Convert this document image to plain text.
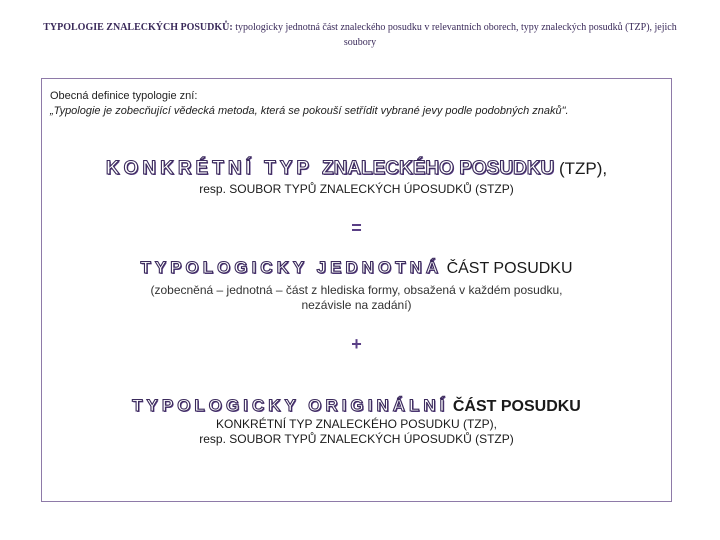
TYPOLOGIE ZNALECKÝCH POSUDKŮ: typologicky jednotná část znaleckého posudku v relevantních oborech, typy znaleckých posudků (TZP), jejich soubory
Obecná definice typologie zní:
„Typologie je zobecňující vědecká metoda, která se pokouší setřídit vybrané jevy podle podobných znaků".
KONKRÉTNÍ TYP ZNALECKÉHO POSUDKU (TZP),
resp. SOUBOR TYPŮ ZNALECKÝCH ÚPOSUDKŮ (STZP)
=
TYPOLOGICKY JEDNOTNÁ ČÁST POSUDKU
(zobecněná – jednotná – část z hlediska formy, obsažená v každém posudku,
nezávisle na zadání)
+
TYPOLOGICKY ORIGINÁLNÍ ČÁST POSUDKU
KONKRÉTNÍ TYP ZNALECKÉHO POSUDKU (TZP),
resp. SOUBOR TYPŮ ZNALECKÝCH ÚPOSUDKŮ (STZP)
